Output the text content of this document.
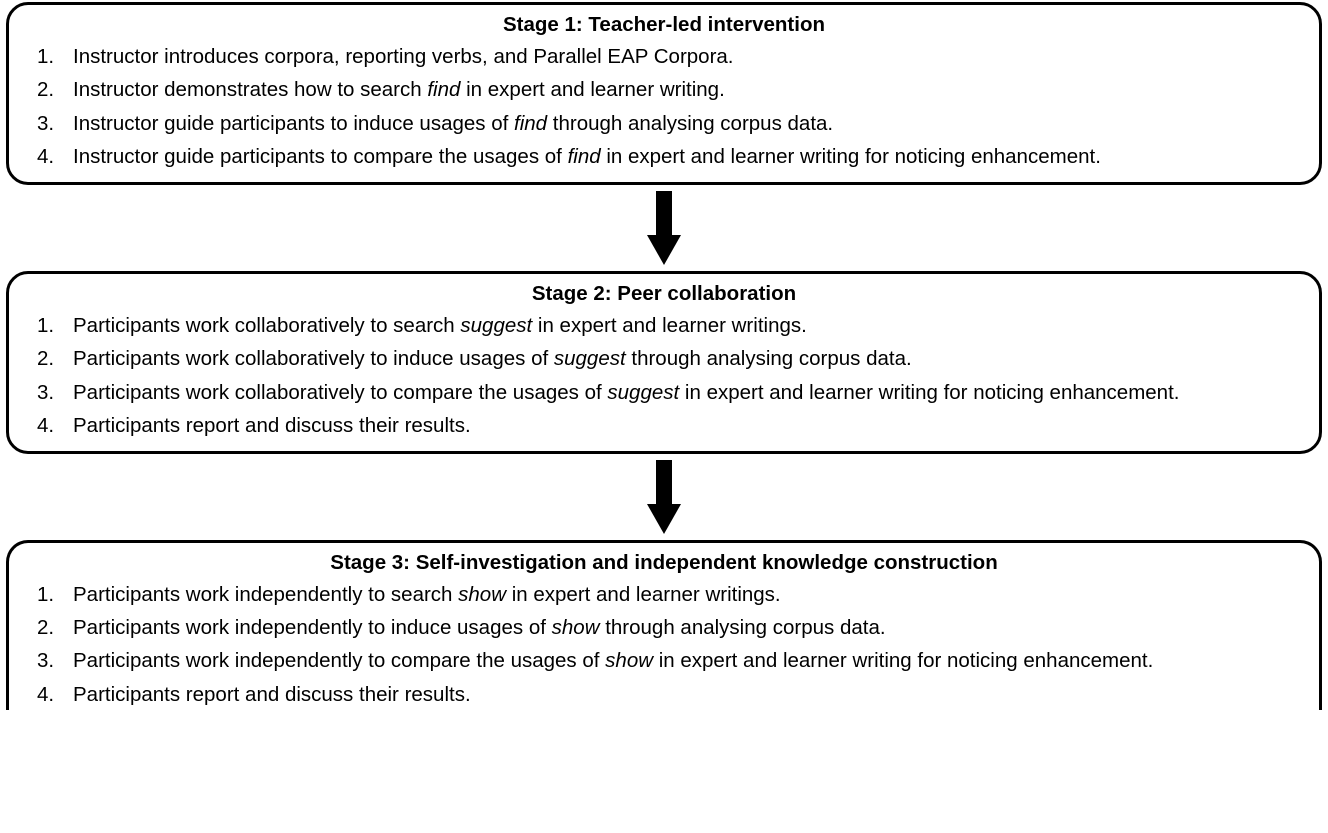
Stage 1: Teacher-led intervention
1. Instructor introduces corpora, reporting verbs, and Parallel EAP Corpora.
2. Instructor demonstrates how to search find in expert and learner writing.
3. Instructor guide participants to induce usages of find through analysing corpus data.
4. Instructor guide participants to compare the usages of find in expert and learner writing for noticing enhancement.
Stage 2: Peer collaboration
1. Participants work collaboratively to search suggest in expert and learner writings.
2. Participants work collaboratively to induce usages of suggest through analysing corpus data.
3. Participants work collaboratively to compare the usages of suggest in expert and learner writing for noticing enhancement.
4. Participants report and discuss their results.
Stage 3: Self-investigation and independent knowledge construction
1. Participants work independently to search show in expert and learner writings.
2. Participants work independently to induce usages of show through analysing corpus data.
3. Participants work independently to compare the usages of show in expert and learner writing for noticing enhancement.
4. Participants report and discuss their results.
